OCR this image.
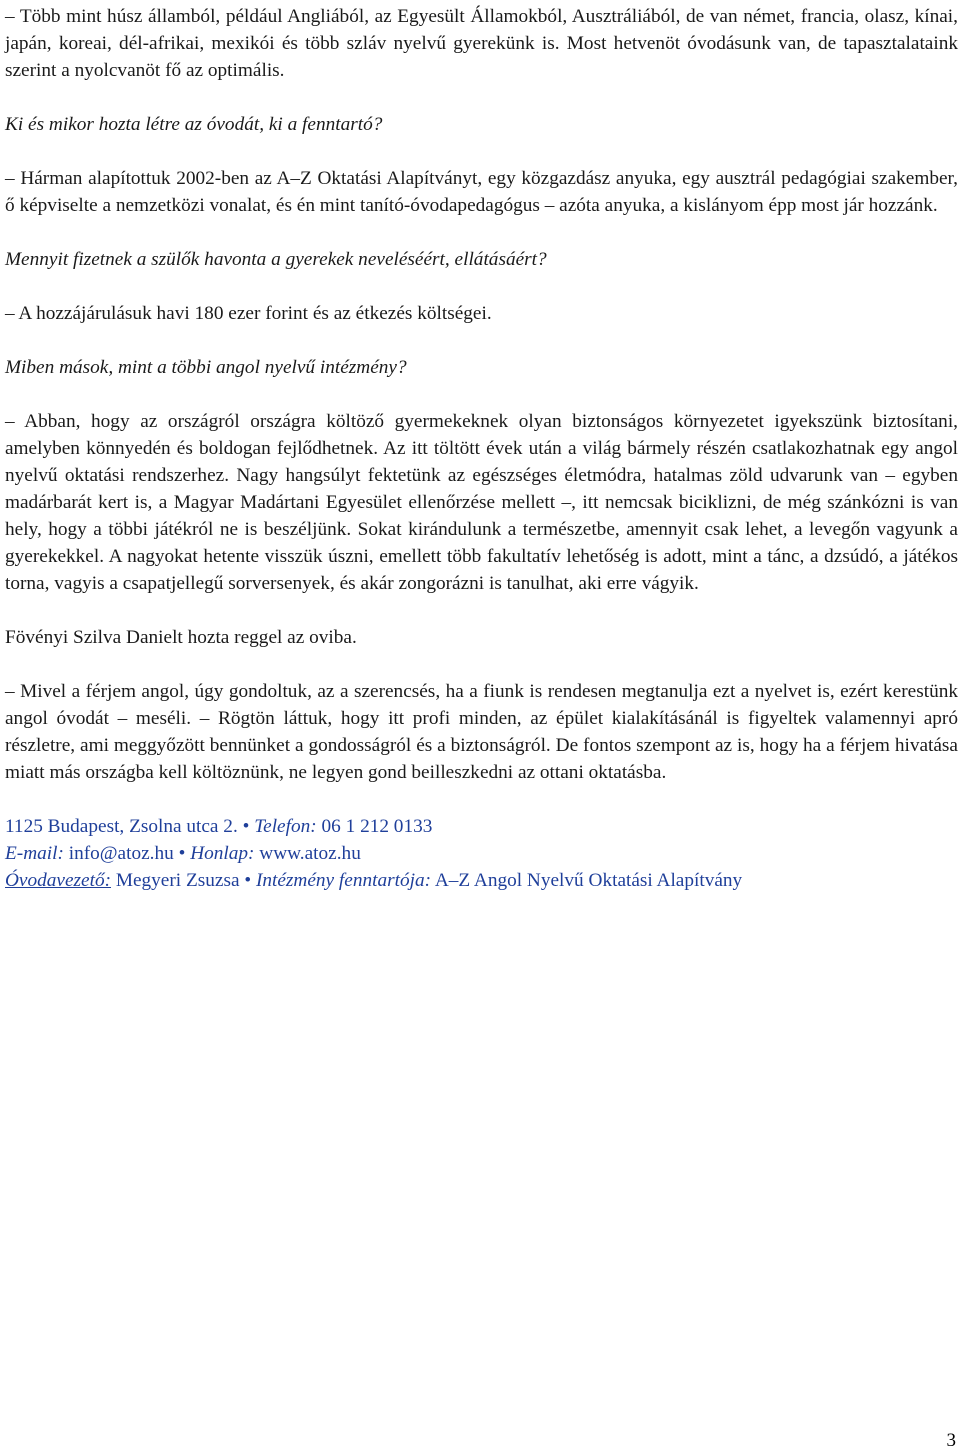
– Több mint húsz államból, például Angliából, az Egyesült Államokból, Ausztráliából, de van német, francia, olasz, kínai, japán, koreai, dél-afrikai, mexikói és több szláv nyelvű gyerekünk is. Most hetvenöt óvodásunk van, de tapasztalataink szerint a nyolcvanöt fő az optimális.

Ki és mikor hozta létre az óvodát, ki a fenntartó?

– Hárman alapítottuk 2002-ben az A–Z Oktatási Alapítványt, egy közgazdász anyuka, egy ausztrál pedagógiai szakember, ő képviselte a nemzetközi vonalat, és én mint tanító-óvodapedagógus – azóta anyuka, a kislányom épp most jár hozzánk.

Mennyit fizetnek a szülők havonta a gyerekek neveléséért, ellátásáért?

– A hozzájárulásuk havi 180 ezer forint és az étkezés költségei.

Miben mások, mint a többi angol nyelvű intézmény?

– Abban, hogy az országról országra költöző gyermekeknek olyan biztonságos környezetet igyekszünk biztosítani, amelyben könnyedén és boldogan fejlődhetnek. Az itt töltött évek után a világ bármely részén csatlakozhatnak egy angol nyelvű oktatási rendszerhez. Nagy hangsúlyt fektetünk az egészséges életmódra, hatalmas zöld udvarunk van – egyben madárbarát kert is, a Magyar Madártani Egyesület ellenőrzése mellett –, itt nemcsak biciklizni, de még szánkózni is van hely, hogy a többi játékról ne is beszéljünk. Sokat kirándulunk a természetbe, amennyit csak lehet, a levegőn vagyunk a gyerekekkel. A nagyokat hetente visszük úszni, emellett több fakultatív lehetőség is adott, mint a tánc, a dzsúdó, a játékos torna, vagyis a csapatjellegű sorversenyek, és akár zongorázni is tanulhat, aki erre vágyik.

Fövényi Szilva Danielt hozta reggel az oviba.

– Mivel a férjem angol, úgy gondoltuk, az a szerencsés, ha a fiunk is rendesen megtanulja ezt a nyelvet is, ezért kerestünk angol óvodát – meséli. – Rögtön láttuk, hogy itt profi minden, az épület kialakításánál is figyeltek valamennyi apró részletre, ami meggyőzött bennünket a gondosságról és a biztonságról. De fontos szempont az is, hogy ha a férjem hivatása miatt más országba kell költöznünk, ne legyen gond beilleszkedni az ottani oktatásba.

1125 Budapest, Zsolna utca 2. • Telefon: 06 1 212 0133
E-mail: info@atoz.hu • Honlap: www.atoz.hu
Óvodavezető: Megyeri Zsuzsa • Intézmény fenntartója: A–Z Angol Nyelvű Oktatási Alapítvány
3
